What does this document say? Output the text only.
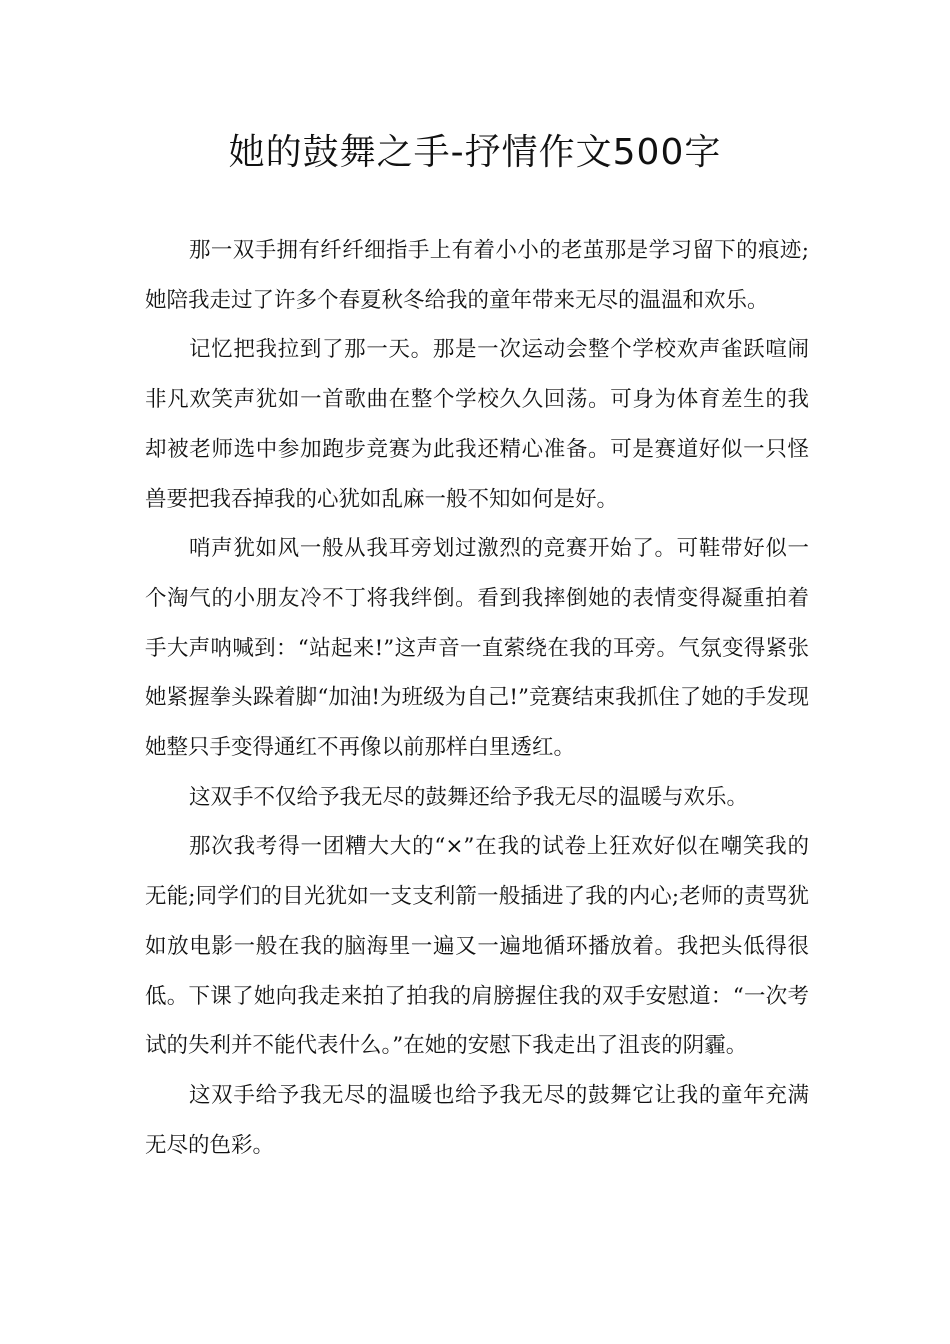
她的鼓舞之手-抒情作文500字

那一双手拥有纤纤细指手上有着小小的老茧那是学习留下的痕迹;她陪我走过了许多个春夏秋冬给我的童年带来无尽的温温和欢乐。

记忆把我拉到了那一天。那是一次运动会整个学校欢声雀跃喧闹非凡欢笑声犹如一首歌曲在整个学校久久回荡。可身为体育差生的我却被老师选中参加跑步竞赛为此我还精心准备。可是赛道好似一只怪兽要把我吞掉我的心犹如乱麻一般不知如何是好。

哨声犹如风一般从我耳旁划过激烈的竞赛开始了。可鞋带好似一个淘气的小朋友冷不丁将我绊倒。看到我摔倒她的表情变得凝重拍着手大声呐喊到：“站起来!”这声音一直萦绕在我的耳旁。气氛变得紧张她紧握拳头跺着脚“加油!为班级为自己!”竞赛结束我抓住了她的手发现她整只手变得通红不再像以前那样白里透红。

这双手不仅给予我无尽的鼓舞还给予我无尽的温暖与欢乐。

那次我考得一团糟大大的“×”在我的试卷上狂欢好似在嘲笑我的无能;同学们的目光犹如一支支利箭一般插进了我的内心;老师的责骂犹如放电影一般在我的脑海里一遍又一遍地循环播放着。我把头低得很低。下课了她向我走来拍了拍我的肩膀握住我的双手安慰道：“一次考试的失利并不能代表什么。”在她的安慰下我走出了沮丧的阴霾。

这双手给予我无尽的温暖也给予我无尽的鼓舞它让我的童年充满无尽的色彩。
